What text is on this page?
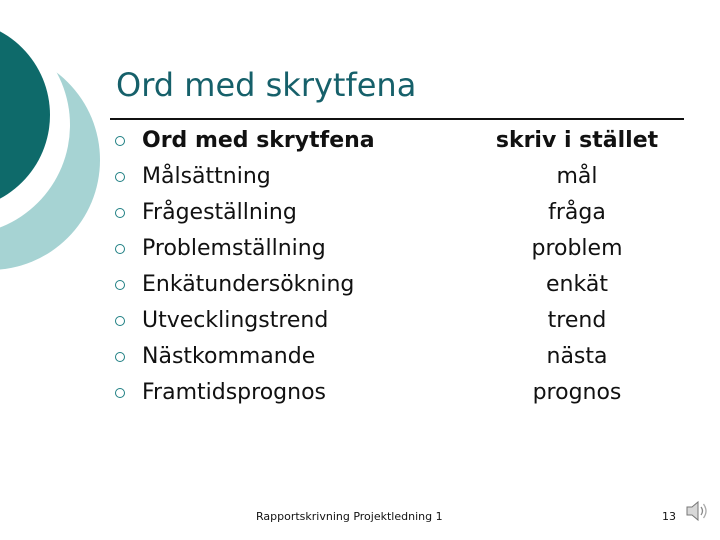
Ord med skrytfena
Ord med skrytfena	skriv i stället
Målsättning	mål
Frågeställning	fråga
Problemställning	problem
Enkätundersökning	enkät
Utvecklingstrend	trend
Nästkommande	nästa
Framtidsprognos	prognos
Rapportskrivning Projektledning 1	13
